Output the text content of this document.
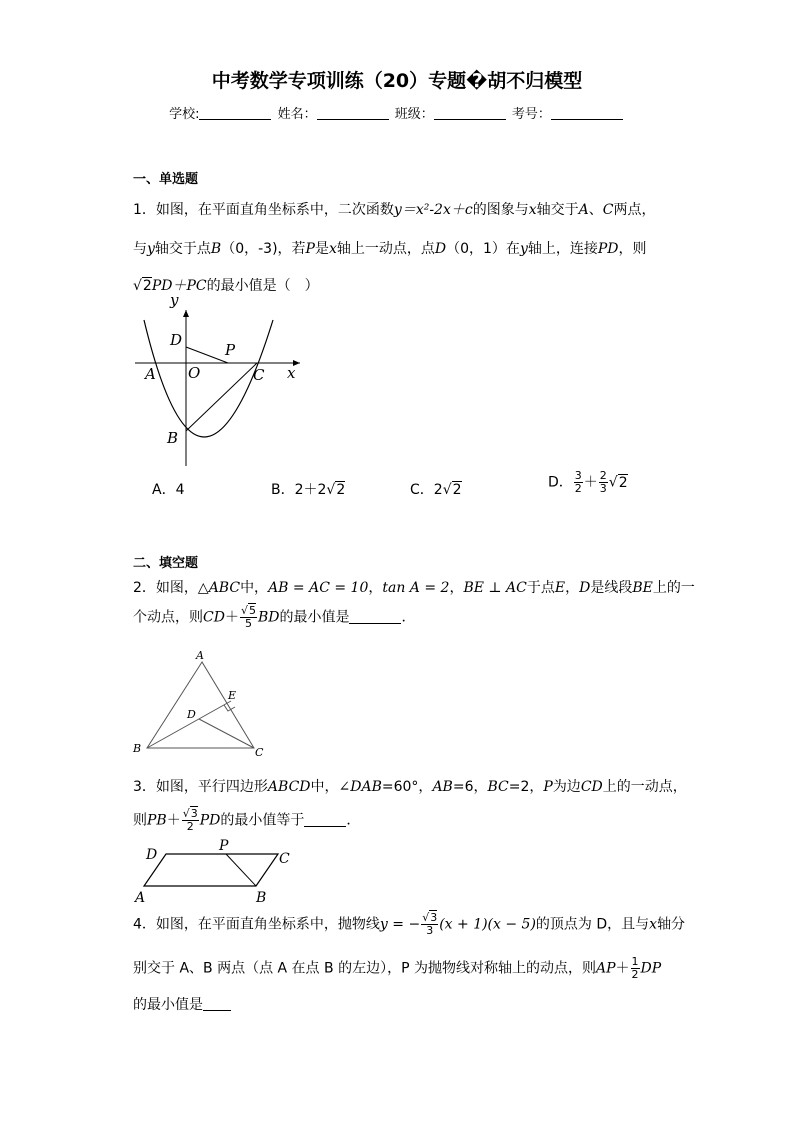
中考数学专项训练（20）专题�胡不归模型
学校:	姓名：	班级：	考号：
一、单选题
1．如图，在平面直角坐标系中，二次函数y＝x²-2x＋c的图象与x轴交于A、C两点，
与y轴交于点B（0，-3)，若P是x轴上一动点，点D（0，1）在y轴上，连接PD，则
√2PD＋PC的最小值是（　）
y
x
O
A	C
D
P
B
A．4	B．2＋2√2	C．2√2	D． $\frac{3}{2} + \frac{2}{3} √2$
二、填空题
2．如图，△ABC中，AB = AC = 10，tan A = 2，BE ⊥ AC于点E，D是线段BE上的一
个动点，则$CD+ \frac{√5}{5}$ BD的最小值是	．
A
B	C
D
E
3．如图，平行四边形ABCD中，∠DAB=60°，AB=6，BC=2，P为边CD上的一动点，
则$PB+ \frac{√3}{2}$ PD的最小值等于	．
A	B
C
D
P
4．如图，在平面直角坐标系中，抛物线y = − $\frac{√3}{3} (x + 1)(x - 5)$的顶点为 D，且与x轴分
别交于 A、B 两点（点 A 在点 B 的左边），P 为抛物线对称轴上的动点，则$AP+ \frac{1}{2}$ DP
的最小值是
